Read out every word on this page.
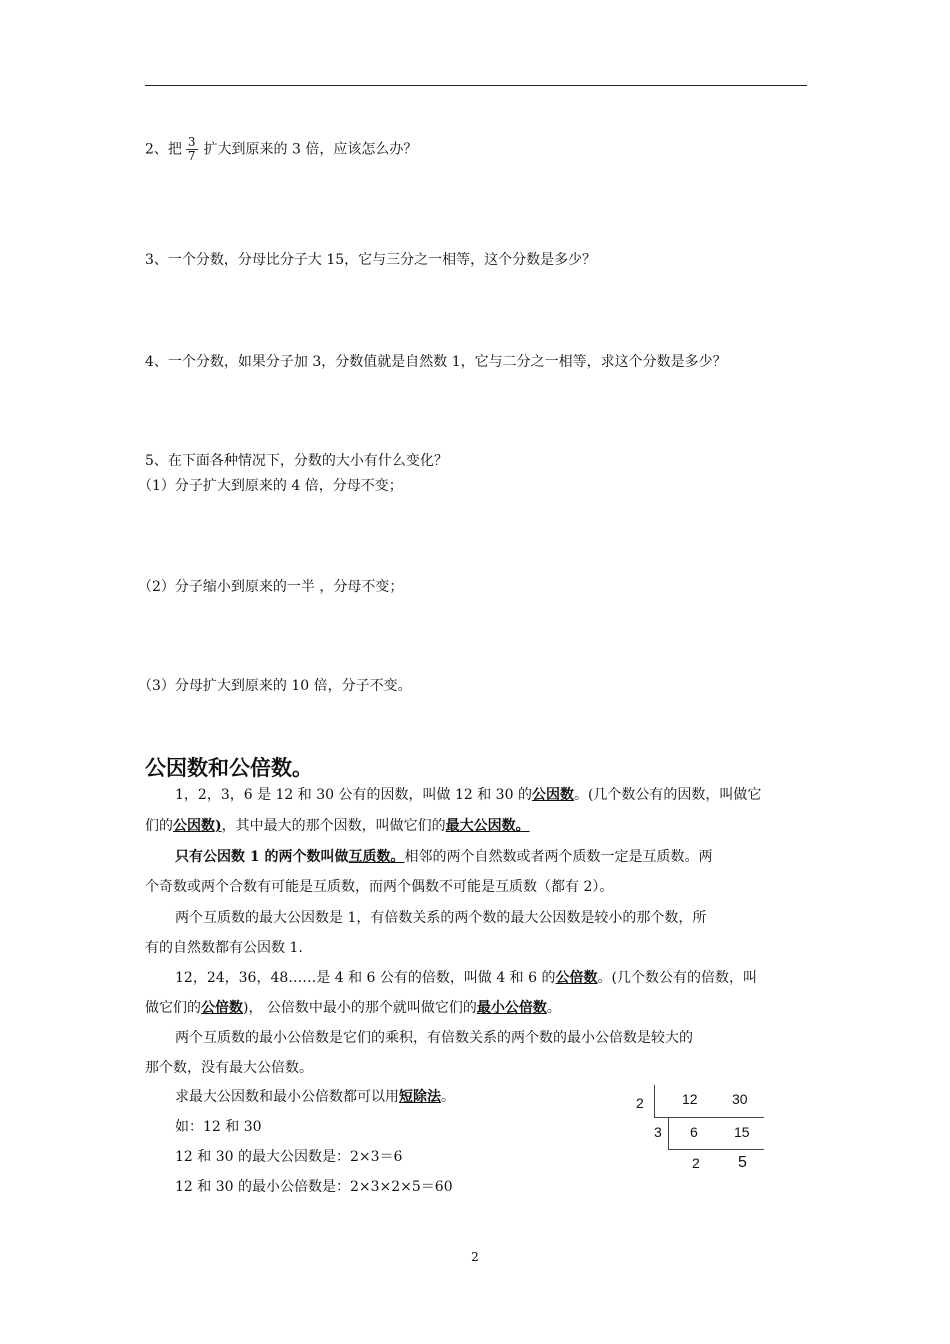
2、把 $\frac{3}{7}$ 扩大到原来的 3 倍，应该怎么办？
3、一个分数，分母比分子大 15，它与三分之一相等，这个分数是多少？
4、一个分数，如果分子加 3，分数值就是自然数 1，它与二分之一相等，求这个分数是多少？
5、在下面各种情况下，分数的大小有什么变化？
（1）分子扩大到原来的 4 倍，分母不变；
（2）分子缩小到原来的一半 ，分母不变；
（3）分母扩大到原来的 10 倍，分子不变。
公因数和公倍数。
1，2，3，6 是 12 和 30 公有的因数，叫做 12 和 30 的公因数。(几个数公有的因数，叫做它
们的公因数)，其中最大的那个因数，叫做它们的最大公因数。
只有公因数 1 的两个数叫做互质数。相邻的两个自然数或者两个质数一定是互质数。两
个奇数或两个合数有可能是互质数，而两个偶数不可能是互质数（都有 2）。
两个互质数的最大公因数是 1，有倍数关系的两个数的最大公因数是较小的那个数，所
有的自然数都有公因数 1.
12，24，36，48……是 4 和 6 公有的倍数，叫做 4 和 6 的公倍数。(几个数公有的倍数，叫
做它们的公倍数)， 公倍数中最小的那个就叫做它们的最小公倍数。
两个互质数的最小公倍数是它们的乘积，有倍数关系的两个数的最小公倍数是较大的
那个数，没有最大公倍数。
求最大公因数和最小公倍数都可以用短除法。
如：12 和 30
12 和 30 的最大公因数是：2×3＝6
12 和 30 的最小公倍数是：2×3×2×5＝60
2	12 30
3 6	15
2 5
2
